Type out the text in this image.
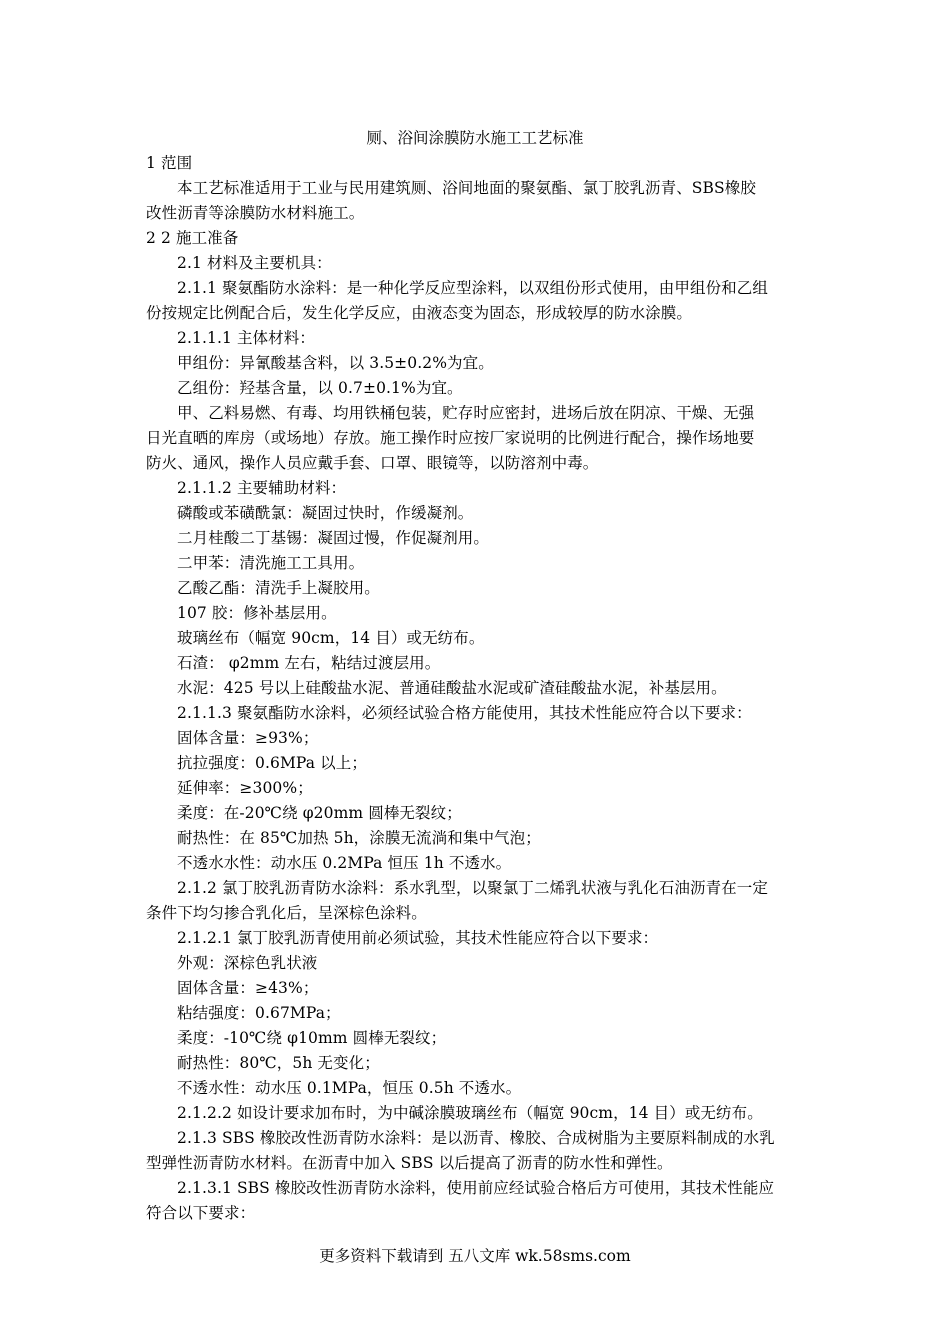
厕、浴间涂膜防水施工工艺标准
1 范围
本工艺标准适用于工业与民用建筑厕、浴间地面的聚氨酯、氯丁胶乳沥青、SBS橡胶
改性沥青等涂膜防水材料施工。
2 2 施工准备
2.1 材料及主要机具：
2.1.1 聚氨酯防水涂料：是一种化学反应型涂料，以双组份形式使用，由甲组份和乙组
份按规定比例配合后，发生化学反应，由液态变为固态，形成较厚的防水涂膜。
2.1.1.1 主体材料：
甲组份：异氰酸基含料，以 3.5±0.2%为宜。
乙组份：羟基含量，以 0.7±0.1%为宜。
甲、乙料易燃、有毒、均用铁桶包装，贮存时应密封，进场后放在阴凉、干燥、无强
日光直晒的库房（或场地）存放。施工操作时应按厂家说明的比例进行配合，操作场地要
防火、通风，操作人员应戴手套、口罩、眼镜等，以防溶剂中毒。
2.1.1.2 主要辅助材料：
磷酸或苯磺酰氯：凝固过快时，作缓凝剂。
二月桂酸二丁基锡：凝固过慢，作促凝剂用。
二甲苯：清洗施工工具用。
乙酸乙酯：清洗手上凝胶用。
107 胶：修补基层用。
玻璃丝布（幅宽 90cm，14 目）或无纺布。
石渣： φ2mm 左右，粘结过渡层用。
水泥：425 号以上硅酸盐水泥、普通硅酸盐水泥或矿渣硅酸盐水泥，补基层用。
2.1.1.3 聚氨酯防水涂料，必须经试验合格方能使用，其技术性能应符合以下要求：
固体含量：≥93%；
抗拉强度：0.6MPa 以上；
延伸率：≥300%；
柔度：在-20℃绕 φ20mm 圆棒无裂纹；
耐热性：在 85℃加热 5h，涂膜无流淌和集中气泡；
不透水水性：动水压 0.2MPa 恒压 1h 不透水。
2.1.2 氯丁胶乳沥青防水涂料：系水乳型，以聚氯丁二烯乳状液与乳化石油沥青在一定
条件下均匀掺合乳化后，呈深棕色涂料。
2.1.2.1 氯丁胶乳沥青使用前必须试验，其技术性能应符合以下要求：
外观：深棕色乳状液
固体含量：≥43%；
粘结强度：0.67MPa；
柔度：-10℃绕 φ10mm 圆棒无裂纹；
耐热性：80℃，5h 无变化；
不透水性：动水压 0.1MPa，恒压 0.5h 不透水。
2.1.2.2 如设计要求加布时，为中碱涂膜玻璃丝布（幅宽 90cm，14 目）或无纺布。
2.1.3 SBS 橡胶改性沥青防水涂料：是以沥青、橡胶、合成树脂为主要原料制成的水乳
型弹性沥青防水材料。在沥青中加入 SBS 以后提高了沥青的防水性和弹性。
2.1.3.1 SBS 橡胶改性沥青防水涂料，使用前应经试验合格后方可使用，其技术性能应
符合以下要求：
更多资料下载请到 五八文库 wk.58sms.com
